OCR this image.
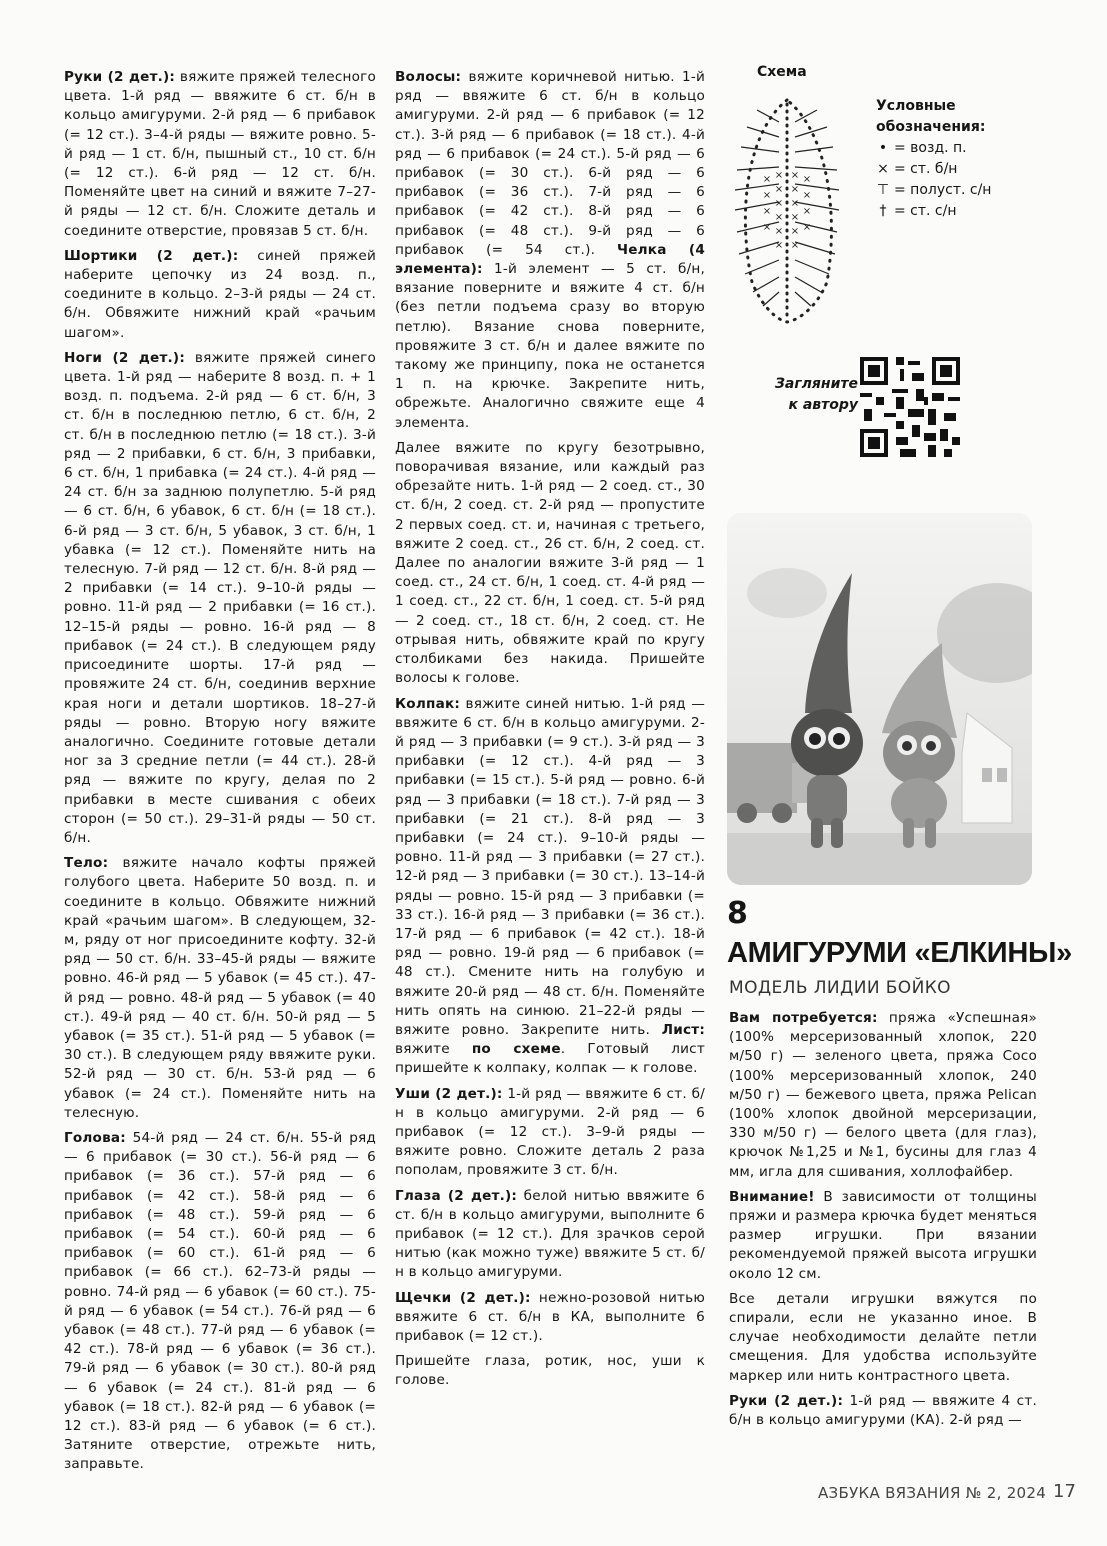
Руки (2 дет.): вяжите пряжей телесного цвета. 1-й ряд — ввяжите 6 ст. б/н в кольцо амигуруми. 2-й ряд — 6 прибавок (= 12 ст.). 3–4-й ряды — вяжите ровно. 5-й ряд — 1 ст. б/н, пышный ст., 10 ст. б/н (= 12 ст.). 6-й ряд — 12 ст. б/н. Поменяйте цвет на синий и вяжите 7–27-й ряды — 12 ст. б/н. Сложите деталь и соедините отверстие, провязав 5 ст. б/н.

Шортики (2 дет.): синей пряжей наберите цепочку из 24 возд. п., соедините в кольцо. 2–3-й ряды — 24 ст. б/н. Обвяжите нижний край «рачьим шагом».

Ноги (2 дет.): вяжите пряжей синего цвета. 1-й ряд — наберите 8 возд. п. + 1 возд. п. подъема. 2-й ряд — 6 ст. б/н, 3 ст. б/н в последнюю петлю, 6 ст. б/н, 2 ст. б/н в последнюю петлю (= 18 ст.). 3-й ряд — 2 прибавки, 6 ст. б/н, 3 прибавки, 6 ст. б/н, 1 прибавка (= 24 ст.). 4-й ряд — 24 ст. б/н за заднюю полупетлю. 5-й ряд — 6 ст. б/н, 6 убавок, 6 ст. б/н (= 18 ст.). 6-й ряд — 3 ст. б/н, 5 убавок, 3 ст. б/н, 1 убавка (= 12 ст.). Поменяйте нить на телесную. 7-й ряд — 12 ст. б/н. 8-й ряд — 2 прибавки (= 14 ст.). 9–10-й ряды — ровно. 11-й ряд — 2 прибавки (= 16 ст.). 12–15-й ряды — ровно. 16-й ряд — 8 прибавок (= 24 ст.). В следующем ряду присоедините шорты. 17-й ряд — провяжите 24 ст. б/н, соединив верхние края ноги и детали шортиков. 18–27-й ряды — ровно. Вторую ногу вяжите аналогично. Соедините готовые детали ног за 3 средние петли (= 44 ст.). 28-й ряд — вяжите по кругу, делая по 2 прибавки в месте сшивания с обеих сторон (= 50 ст.). 29–31-й ряды — 50 ст. б/н.

Тело: вяжите начало кофты пряжей голубого цвета. Наберите 50 возд. п. и соедините в кольцо. Обвяжите нижний край «рачьим шагом». В следующем, 32-м, ряду от ног присоедините кофту. 32-й ряд — 50 ст. б/н. 33–45-й ряды — вяжите ровно. 46-й ряд — 5 убавок (= 45 ст.). 47-й ряд — ровно. 48-й ряд — 5 убавок (= 40 ст.). 49-й ряд — 40 ст. б/н. 50-й ряд — 5 убавок (= 35 ст.). 51-й ряд — 5 убавок (= 30 ст.). В следующем ряду ввяжите руки. 52-й ряд — 30 ст. б/н. 53-й ряд — 6 убавок (= 24 ст.). Поменяйте нить на телесную.

Голова: 54-й ряд — 24 ст. б/н. 55-й ряд — 6 прибавок (= 30 ст.). 56-й ряд — 6 прибавок (= 36 ст.). 57-й ряд — 6 прибавок (= 42 ст.). 58-й ряд — 6 прибавок (= 48 ст.). 59-й ряд — 6 прибавок (= 54 ст.). 60-й ряд — 6 прибавок (= 60 ст.). 61-й ряд — 6 прибавок (= 66 ст.). 62–73-й ряды — ровно. 74-й ряд — 6 убавок (= 60 ст.). 75-й ряд — 6 убавок (= 54 ст.). 76-й ряд — 6 убавок (= 48 ст.). 77-й ряд — 6 убавок (= 42 ст.). 78-й ряд — 6 убавок (= 36 ст.). 79-й ряд — 6 убавок (= 30 ст.). 80-й ряд — 6 убавок (= 24 ст.). 81-й ряд — 6 убавок (= 18 ст.). 82-й ряд — 6 убавок (= 12 ст.). 83-й ряд — 6 убавок (= 6 ст.). Затяните отверстие, отрежьте нить, заправьте.

Волосы: вяжите коричневой нитью. 1-й ряд — ввяжите 6 ст. б/н в кольцо амигуруми. 2-й ряд — 6 прибавок (= 12 ст.). 3-й ряд — 6 прибавок (= 18 ст.). 4-й ряд — 6 прибавок (= 24 ст.). 5-й ряд — 6 прибавок (= 30 ст.). 6-й ряд — 6 прибавок (= 36 ст.). 7-й ряд — 6 прибавок (= 42 ст.). 8-й ряд — 6 прибавок (= 48 ст.). 9-й ряд — 6 прибавок (= 54 ст.). Челка (4 элемента): 1-й элемент — 5 ст. б/н, вязание поверните и вяжите 4 ст. б/н (без петли подъема сразу во вторую петлю). Вязание снова поверните, провяжите 3 ст. б/н и далее вяжите по такому же принципу, пока не останется 1 п. на крючке. Закрепите нить, обрежьте. Аналогично свяжите еще 4 элемента.

Далее вяжите по кругу безотрывно, поворачивая вязание, или каждый раз обрезайте нить. 1-й ряд — 2 соед. ст., 30 ст. б/н, 2 соед. ст. 2-й ряд — пропустите 2 первых соед. ст. и, начиная с третьего, вяжите 2 соед. ст., 26 ст. б/н, 2 соед. ст. Далее по аналогии вяжите 3-й ряд — 1 соед. ст., 24 ст. б/н, 1 соед. ст. 4-й ряд — 1 соед. ст., 22 ст. б/н, 1 соед. ст. 5-й ряд — 2 соед. ст., 18 ст. б/н, 2 соед. ст. Не отрывая нить, обвяжите край по кругу столбиками без накида. Пришейте волосы к голове.

Колпак: вяжите синей нитью. 1-й ряд — ввяжите 6 ст. б/н в кольцо амигуруми. 2-й ряд — 3 прибавки (= 9 ст.). 3-й ряд — 3 прибавки (= 12 ст.). 4-й ряд — 3 прибавки (= 15 ст.). 5-й ряд — ровно. 6-й ряд — 3 прибавки (= 18 ст.). 7-й ряд — 3 прибавки (= 21 ст.). 8-й ряд — 3 прибавки (= 24 ст.). 9–10-й ряды — ровно. 11-й ряд — 3 прибавки (= 27 ст.). 12-й ряд — 3 прибавки (= 30 ст.). 13–14-й ряды — ровно. 15-й ряд — 3 прибавки (= 33 ст.). 16-й ряд — 3 прибавки (= 36 ст.). 17-й ряд — 6 прибавок (= 42 ст.). 18-й ряд — ровно. 19-й ряд — 6 прибавок (= 48 ст.). Смените нить на голубую и вяжите 20-й ряд — 48 ст. б/н. Поменяйте нить опять на синюю. 21–22-й ряды — вяжите ровно. Закрепите нить. Лист: вяжите по схеме. Готовый лист пришейте к колпаку, колпак — к голове.

Уши (2 дет.): 1-й ряд — ввяжите 6 ст. б/н в кольцо амигуруми. 2-й ряд — 6 прибавок (= 12 ст.). 3–9-й ряды — вяжите ровно. Сложите деталь 2 раза пополам, провяжите 3 ст. б/н.

Глаза (2 дет.): белой нитью ввяжите 6 ст. б/н в кольцо амигуруми, выполните 6 прибавок (= 12 ст.). Для зрачков серой нитью (как можно туже) ввяжите 5 ст. б/н в кольцо амигуруми.

Щечки (2 дет.): нежно-розовой нитью ввяжите 6 ст. б/н в КА, выполните 6 прибавок (= 12 ст.).

Пришейте глаза, ротик, нос, уши к голове.

Схема
× ×
× ×
× ×
× ×
× ×
× ×
×	×
×	×
×	×
×	×
Условные обозначения:
• = возд. п.
× = ст. б/н
⊤ = полуст. с/н
† = ст. с/н
Загляните к автору
8
АМИГУРУМИ «ЕЛКИНЫ»
МОДЕЛЬ ЛИДИИ БОЙКО

Вам потребуется: пряжа «Успешная» (100% мерсеризованный хлопок, 220 м/50 г) — зеленого цвета, пряжа Coco (100% мерсеризованный хлопок, 240 м/50 г) — бежевого цвета, пряжа Pelican (100% хлопок двойной мерсеризации, 330 м/50 г) — белого цвета (для глаз), крючок №1,25 и №1, бусины для глаз 4 мм, игла для сшивания, холлофайбер.

Внимание! В зависимости от толщины пряжи и размера крючка будет меняться размер игрушки. При вязании рекомендуемой пряжей высота игрушки около 12 см.

Все детали игрушки вяжутся по спирали, если не указанно иное. В случае необходимости делайте петли смещения. Для удобства используйте маркер или нить контрастного цвета.

Руки (2 дет.): 1-й ряд — ввяжите 4 ст. б/н в кольцо амигуруми (КА). 2-й ряд —

АЗБУКА ВЯЗАНИЯ № 2, 2024 17
